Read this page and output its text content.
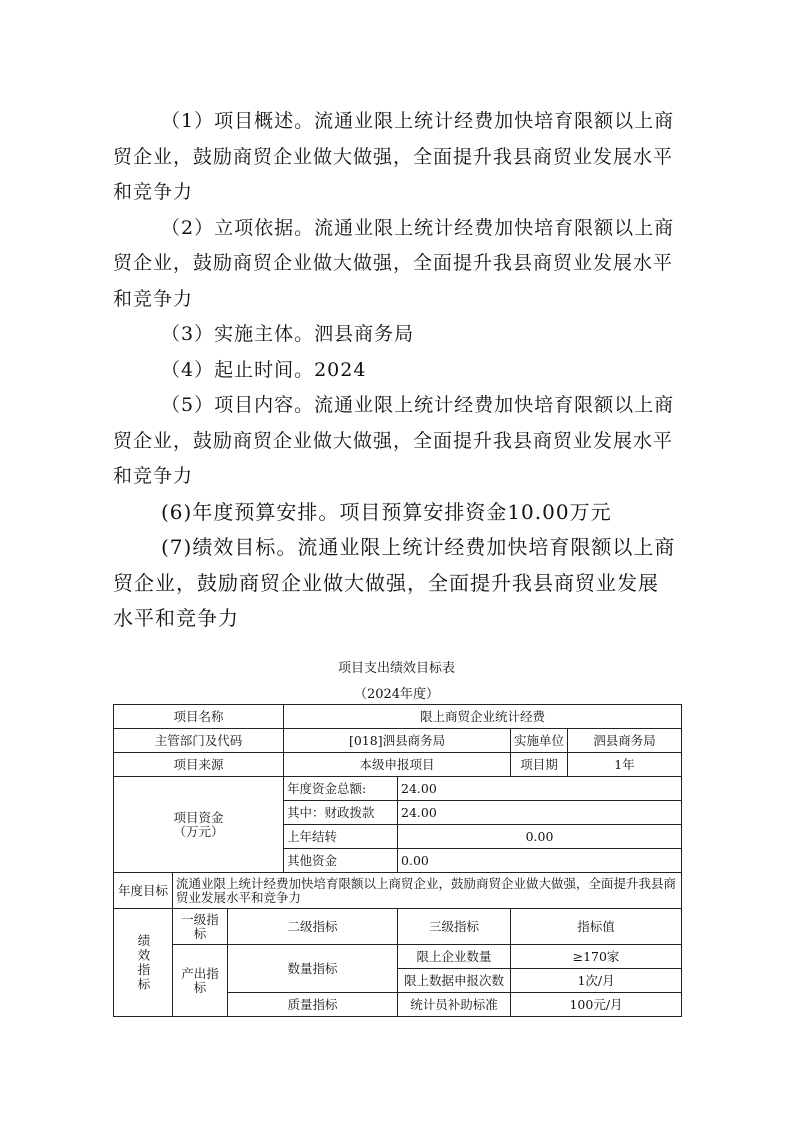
（1）项目概述。流通业限上统计经费加快培育限额以上商贸企业，鼓励商贸企业做大做强，全面提升我县商贸业发展水平和竞争力

（2）立项依据。流通业限上统计经费加快培育限额以上商贸企业，鼓励商贸企业做大做强，全面提升我县商贸业发展水平和竞争力

（3）实施主体。泗县商务局

（4）起止时间。2024

（5）项目内容。流通业限上统计经费加快培育限额以上商贸企业，鼓励商贸企业做大做强，全面提升我县商贸业发展水平和竞争力

(6)年度预算安排。项目预算安排资金10.00万元

(7)绩效目标。流通业限上统计经费加快培育限额以上商贸企业，鼓励商贸企业做大做强，全面提升我县商贸业发展水平和竞争力

项目支出绩效目标表
（2024年度）
项目名称			限上商贸企业统计经费			
主管部门及代码			[018]泗县商务局		实施单位	泗县商务局
项目来源			本级申报项目		项目期	1年
项目资金
（万元）			年度资金总额:	24.00		
			其中：财政拨款	24.00		
			上年结转	0.00		
			其他资金	0.00		
年度目标	流通业限上统计经费加快培育限额以上商贸企业，鼓励商贸企业做大做强，全面提升我县商贸业发展水平和竞争力					
绩效指标	一级指标	二级指标		三级指标	指标值	
	产出指标	数量指标		限上企业数量	≥170家	
				限上数据申报次数	1次/月	
		质量指标		统计员补助标准	100元/月	
